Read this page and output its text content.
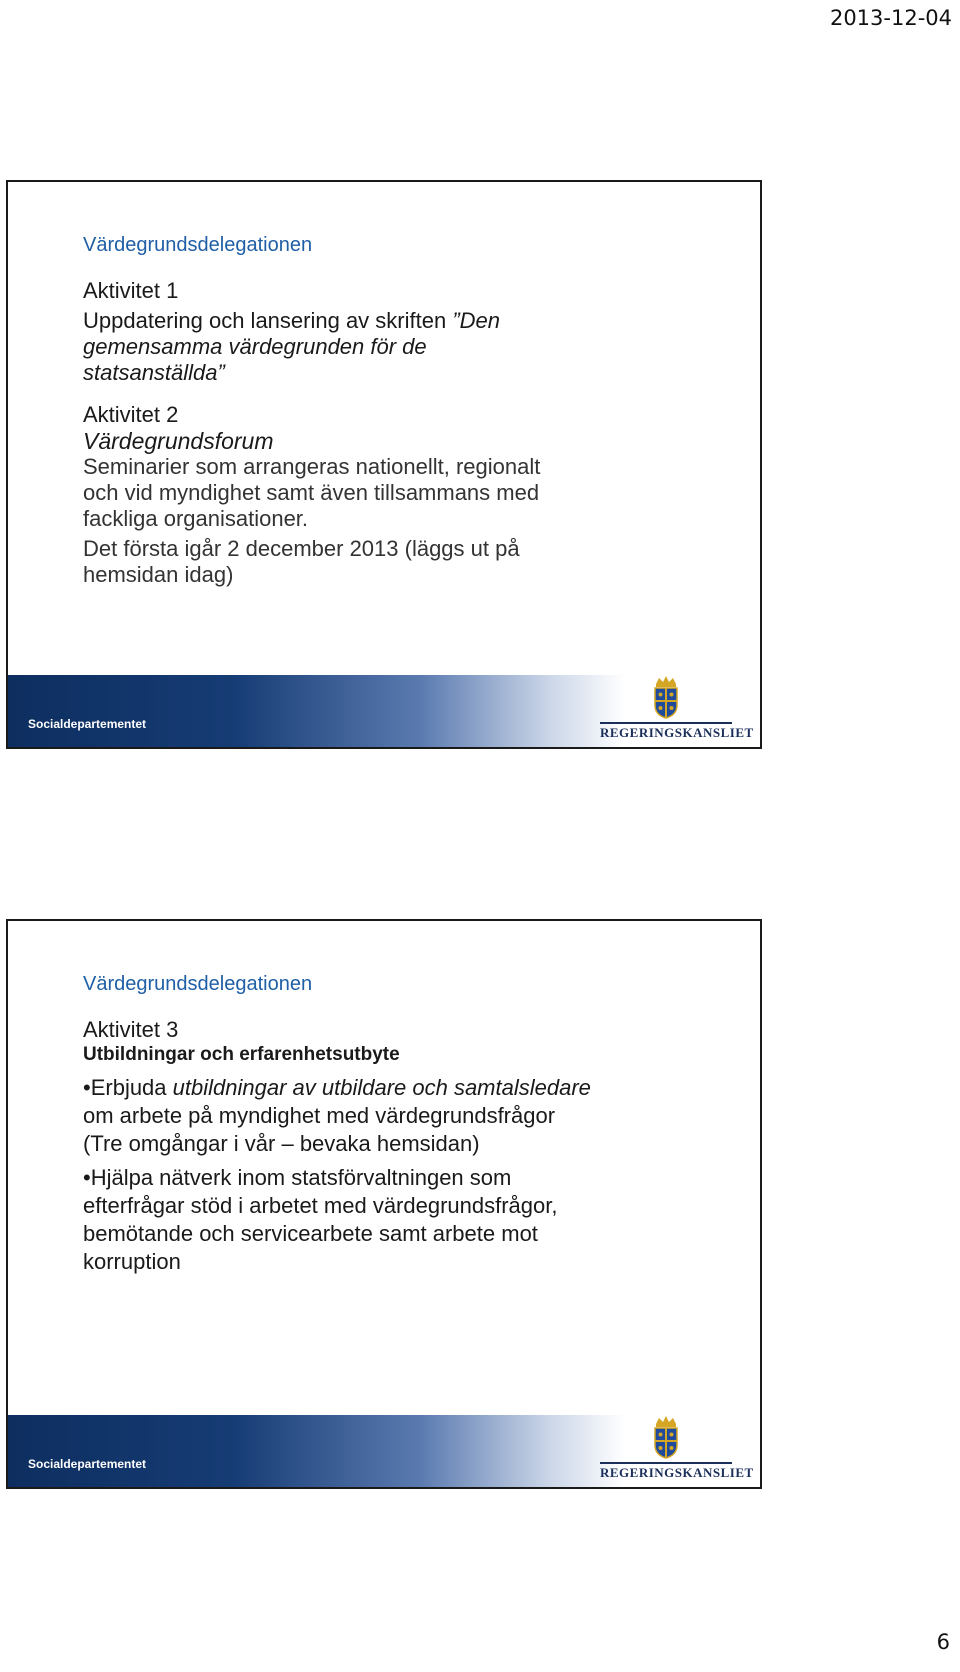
2013-12-04
Värdegrundsdelegationen
Aktivitet 1
Uppdatering och lansering av skriften ”Den
gemensamma värdegrunden för de
statsanställda”
Aktivitet 2
Värdegrundsforum
Seminarier som arrangeras nationellt, regionalt
och vid myndighet samt även tillsammans med
fackliga organisationer.
Det första igår 2 december 2013 (läggs ut på
hemsidan idag)
Socialdepartementet
REGERINGSKANSLIET
Värdegrundsdelegationen
Aktivitet 3
Utbildningar och erfarenhetsutbyte
•Erbjuda utbildningar av utbildare och samtalsledare
om arbete på myndighet med värdegrundsfrågor
(Tre omgångar i vår – bevaka hemsidan)
•Hjälpa nätverk inom statsförvaltningen som
efterfrågar stöd i arbetet med värdegrundsfrågor,
bemötande och servicearbete samt arbete mot
korruption
Socialdepartementet
REGERINGSKANSLIET
6
